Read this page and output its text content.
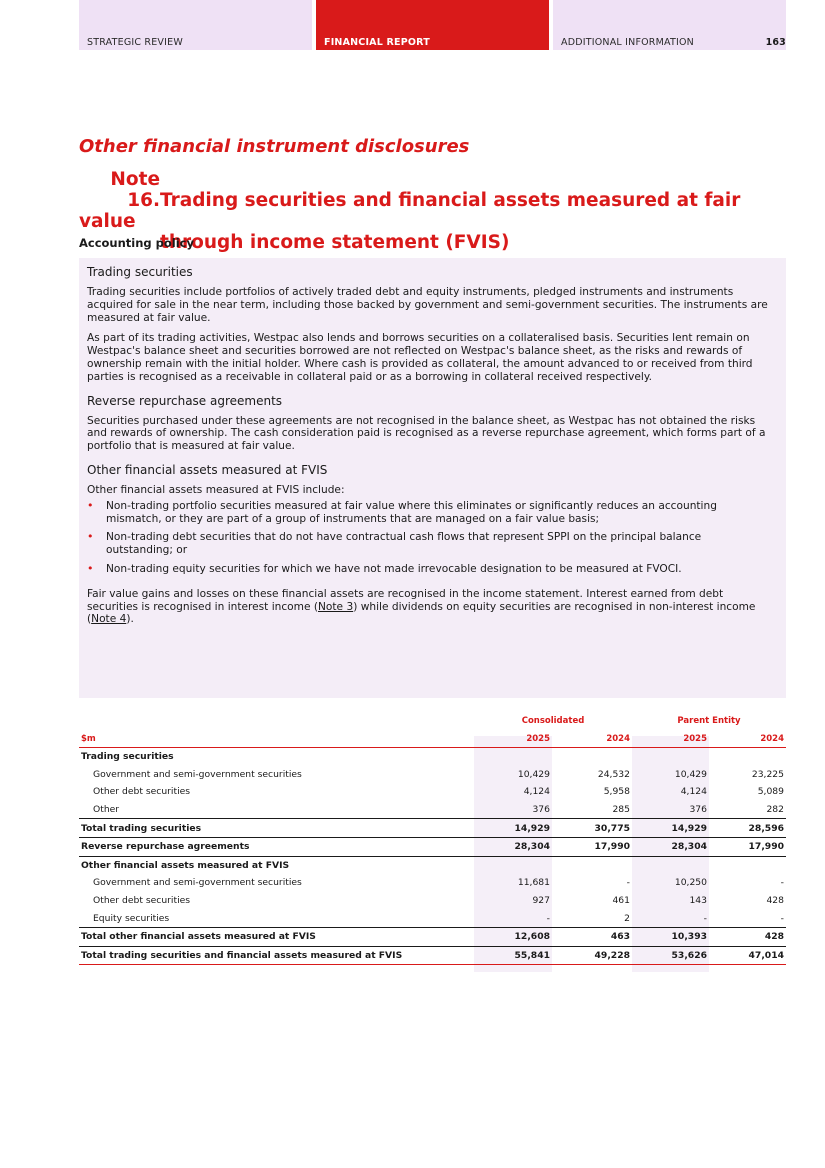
STRATEGIC REVIEW	FINANCIAL REPORT	ADDITIONAL INFORMATION	163
Other financial instrument disclosures
Note 16.Trading securities and financial assets measured at fair value
through income statement (FVIS)
Accounting policy
Trading securities

Trading securities include portfolios of actively traded debt and equity instruments, pledged instruments and instruments acquired for sale in the near term, including those backed by government and semi-government securities. The instruments are measured at fair value.

As part of its trading activities, Westpac also lends and borrows securities on a collateralised basis. Securities lent remain on Westpac's balance sheet and securities borrowed are not reflected on Westpac's balance sheet, as the risks and rewards of ownership remain with the initial holder. Where cash is provided as collateral, the amount advanced to or received from third parties is recognised as a receivable in collateral paid or as a borrowing in collateral received respectively.

Reverse repurchase agreements

Securities purchased under these agreements are not recognised in the balance sheet, as Westpac has not obtained the risks and rewards of ownership. The cash consideration paid is recognised as a reverse repurchase agreement, which forms part of a portfolio that is measured at fair value.

Other financial assets measured at FVIS

Other financial assets measured at FVIS include:

• Non-trading portfolio securities measured at fair value where this eliminates or significantly reduces an accounting mismatch, or they are part of a group of instruments that are managed on a fair value basis;
• Non-trading debt securities that do not have contractual cash flows that represent SPPI on the principal balance outstanding; or
• Non-trading equity securities for which we have not made irrevocable designation to be measured at FVOCI.

Fair value gains and losses on these financial assets are recognised in the income statement. Interest earned from debt securities is recognised in interest income (Note 3) while dividends on equity securities are recognised in non-interest income (Note 4).

	Consolidated		Parent Entity	
$m	2025	2024	2025	2024
Trading securities				
Government and semi-government securities	10,429	24,532	10,429	23,225
Other debt securities	4,124	5,958	4,124	5,089
Other	376	285	376	282
Total trading securities	14,929	30,775	14,929	28,596
Reverse repurchase agreements	28,304	17,990	28,304	17,990
Other financial assets measured at FVIS				
Government and semi-government securities	11,681	-	10,250	-
Other debt securities	927	461	143	428
Equity securities	-	2	-	-
Total other financial assets measured at FVIS	12,608	463	10,393	428
Total trading securities and financial assets measured at FVIS	55,841	49,228	53,626	47,014
